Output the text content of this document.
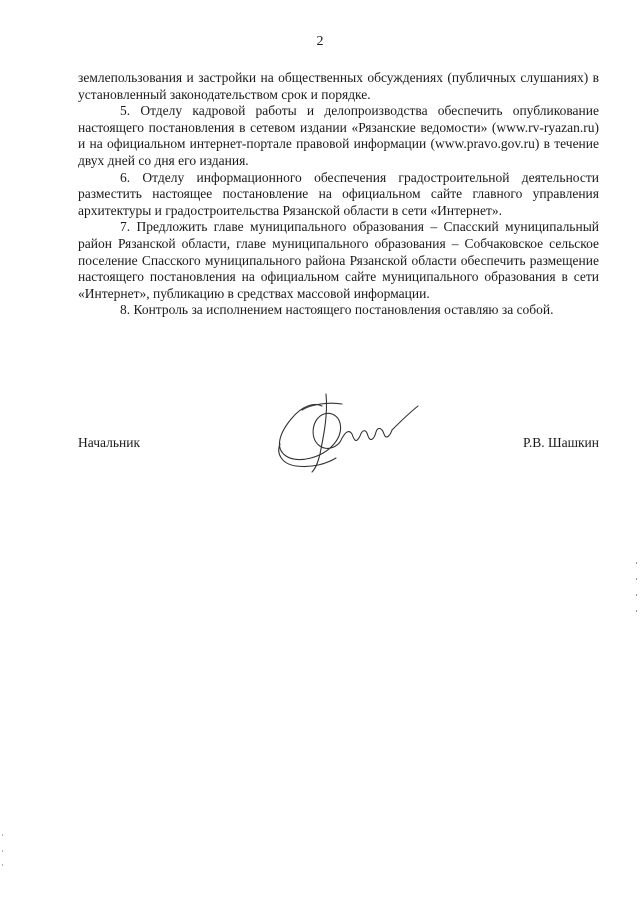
2

землепользования и застройки на общественных обсуждениях (публичных слушаниях) в установленный законодательством срок и порядке.

5. Отделу кадровой работы и делопроизводства обеспечить опубликование настоящего постановления в сетевом издании «Рязанские ведомости» (www.rv-ryazan.ru) и на официальном интернет-портале правовой информации (www.pravo.gov.ru) в течение двух дней со дня его издания.

6. Отделу информационного обеспечения градостроительной деятельности разместить настоящее постановление на официальном сайте главного управления архитектуры и градостроительства Рязанской области в сети «Интернет».

7. Предложить главе муниципального образования – Спасский муниципальный район Рязанской области, главе муниципального образования – Собчаковское сельское поселение Спасского муниципального района Рязанской области обеспечить размещение настоящего постановления на официальном сайте муниципального образования в сети «Интернет», публикацию в средствах массовой информации.

8. Контроль за исполнением настоящего постановления оставляю за собой.

Начальник	Р.В. Шашкин
